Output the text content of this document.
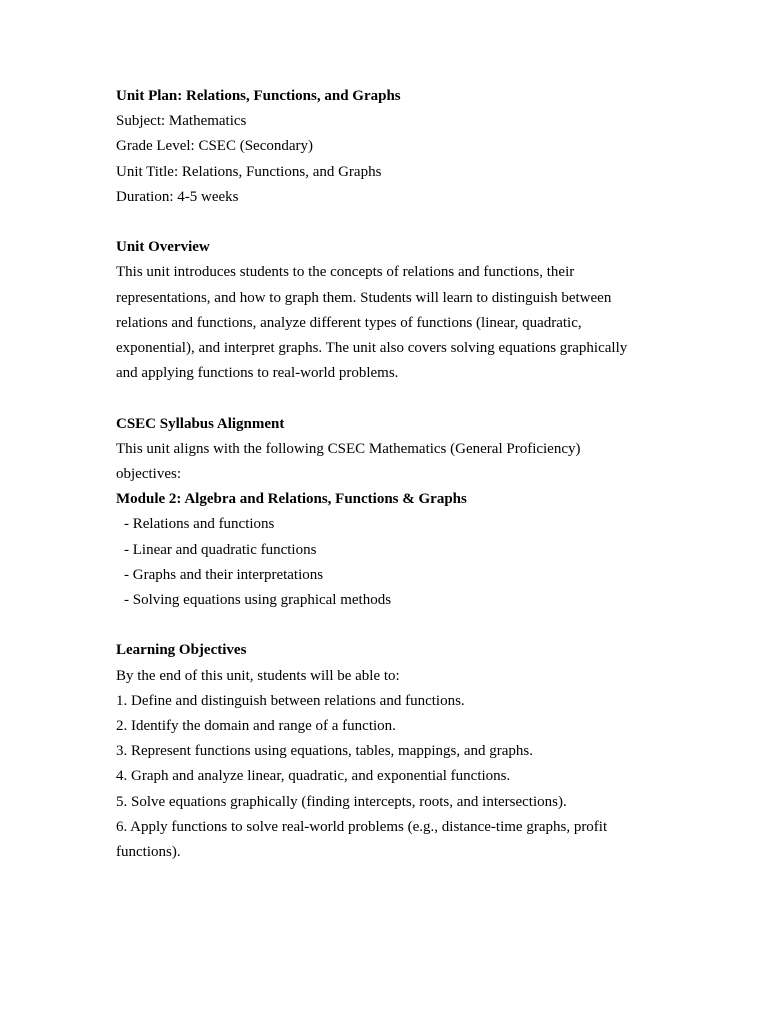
Unit Plan: Relations, Functions, and Graphs

Subject: Mathematics

Grade Level: CSEC (Secondary)

Unit Title: Relations, Functions, and Graphs

Duration: 4-5 weeks

Unit Overview

This unit introduces students to the concepts of relations and functions, their

representations, and how to graph them. Students will learn to distinguish between

relations and functions, analyze different types of functions (linear, quadratic,

exponential), and interpret graphs. The unit also covers solving equations graphically

and applying functions to real-world problems.

CSEC Syllabus Alignment

This unit aligns with the following CSEC Mathematics (General Proficiency)

objectives:

Module 2: Algebra and Relations, Functions & Graphs

- Relations and functions

- Linear and quadratic functions

- Graphs and their interpretations

- Solving equations using graphical methods

Learning Objectives

By the end of this unit, students will be able to:

1. Define and distinguish between relations and functions.

2. Identify the domain and range of a function.

3. Represent functions using equations, tables, mappings, and graphs.

4. Graph and analyze linear, quadratic, and exponential functions.

5. Solve equations graphically (finding intercepts, roots, and intersections).

6. Apply functions to solve real-world problems (e.g., distance-time graphs, profit

functions).
